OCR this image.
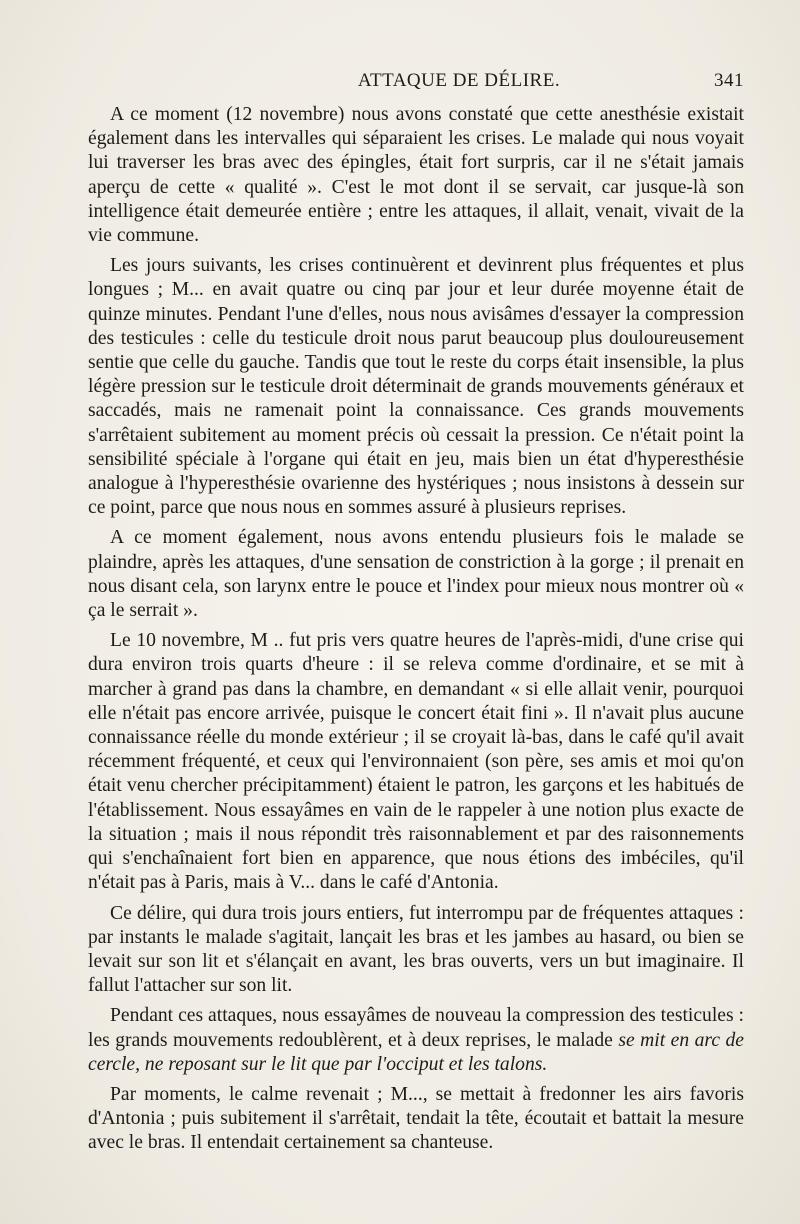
ATTAQUE DE DÉLIRE.	341

A ce moment (12 novembre) nous avons constaté que cette anesthésie existait également dans les intervalles qui séparaient les crises. Le malade qui nous voyait lui traverser les bras avec des épingles, était fort surpris, car il ne s'était jamais aperçu de cette « qualité ». C'est le mot dont il se servait, car jusque-là son intelligence était demeurée entière ; entre les attaques, il allait, venait, vivait de la vie commune.

Les jours suivants, les crises continuèrent et devinrent plus fréquentes et plus longues ; M... en avait quatre ou cinq par jour et leur durée moyenne était de quinze minutes. Pendant l'une d'elles, nous nous avisâmes d'essayer la compression des testicules : celle du testicule droit nous parut beaucoup plus douloureusement sentie que celle du gauche. Tandis que tout le reste du corps était insensible, la plus légère pression sur le testicule droit déterminait de grands mouvements généraux et saccadés, mais ne ramenait point la connaissance. Ces grands mouvements s'arrêtaient subitement au moment précis où cessait la pression. Ce n'était point la sensibilité spéciale à l'organe qui était en jeu, mais bien un état d'hyperesthésie analogue à l'hyperesthésie ovarienne des hystériques ; nous insistons à dessein sur ce point, parce que nous nous en sommes assuré à plusieurs reprises.

A ce moment également, nous avons entendu plusieurs fois le malade se plaindre, après les attaques, d'une sensation de constriction à la gorge ; il prenait en nous disant cela, son larynx entre le pouce et l'index pour mieux nous montrer où « ça le serrait ».

Le 10 novembre, M .. fut pris vers quatre heures de l'après-midi, d'une crise qui dura environ trois quarts d'heure : il se releva comme d'ordinaire, et se mit à marcher à grand pas dans la chambre, en demandant « si elle allait venir, pourquoi elle n'était pas encore arrivée, puisque le concert était fini ». Il n'avait plus aucune connaissance réelle du monde extérieur ; il se croyait là-bas, dans le café qu'il avait récemment fréquenté, et ceux qui l'environnaient (son père, ses amis et moi qu'on était venu chercher précipitamment) étaient le patron, les garçons et les habitués de l'établissement. Nous essayâmes en vain de le rappeler à une notion plus exacte de la situation ; mais il nous répondit très raisonnablement et par des raisonnements qui s'enchaînaient fort bien en apparence, que nous étions des imbéciles, qu'il n'était pas à Paris, mais à V... dans le café d'Antonia.

Ce délire, qui dura trois jours entiers, fut interrompu par de fréquentes attaques : par instants le malade s'agitait, lançait les bras et les jambes au hasard, ou bien se levait sur son lit et s'élançait en avant, les bras ouverts, vers un but imaginaire. Il fallut l'attacher sur son lit.

Pendant ces attaques, nous essayâmes de nouveau la compression des testicules : les grands mouvements redoublèrent, et à deux reprises, le malade se mit en arc de cercle, ne reposant sur le lit que par l'occiput et les talons.

Par moments, le calme revenait ; M..., se mettait à fredonner les airs favoris d'Antonia ; puis subitement il s'arrêtait, tendait la tête, écoutait et battait la mesure avec le bras. Il entendait certainement sa chanteuse.
